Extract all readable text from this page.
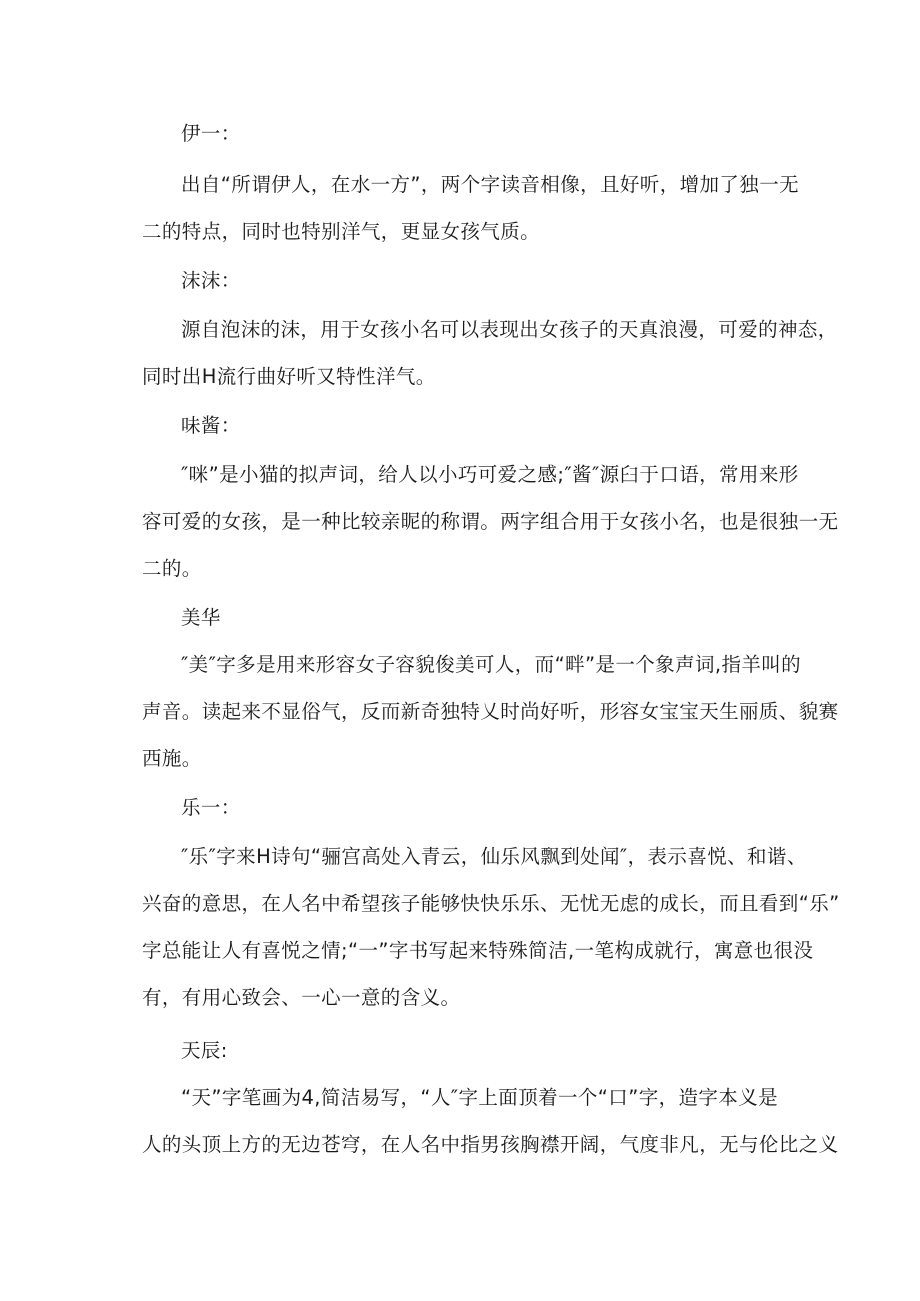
伊一：
出自“所谓伊人，在水一方”，两个字读音相像，且好听，增加了独一无
二的特点，同时也特别洋气，更显女孩气质。
沫沫：
源自泡沫的沫，用于女孩小名可以表现出女孩子的天真浪漫，可爱的神态，
同时出H流行曲好听又特性洋气。
味酱：
″咪”是小猫的拟声词，给人以小巧可爱之感;″酱″源臼于口语，常用来形
容可爱的女孩，是一种比较亲昵的称谓。两字组合用于女孩小名，也是很独一无
二的。
美华
″美″字多是用来形容女子容貌俊美可人，而“畔”是一个象声词,指羊叫的
声音。读起来不显俗气，反而新奇独特乂时尚好听，形容女宝宝天生丽质、貌赛
西施。
乐一：
″乐″字来H诗句“骊宫高处入青云，仙乐风飘到处闻″，表示喜悦、和谐、
兴奋的意思，在人名中希望孩子能够快快乐乐、无忧无虑的成长，而且看到“乐”
字总能让人有喜悦之情;“一”字书写起来特殊简洁,一笔构成就行，寓意也很没
有，有用心致会、一心一意的含义。
天辰:
“天”字笔画为4,简洁易写，“人″字上面顶着一个“口”字，造字本义是
人的头顶上方的无边苍穹，在人名中指男孩胸襟开阔，气度非凡，无与伦比之义
